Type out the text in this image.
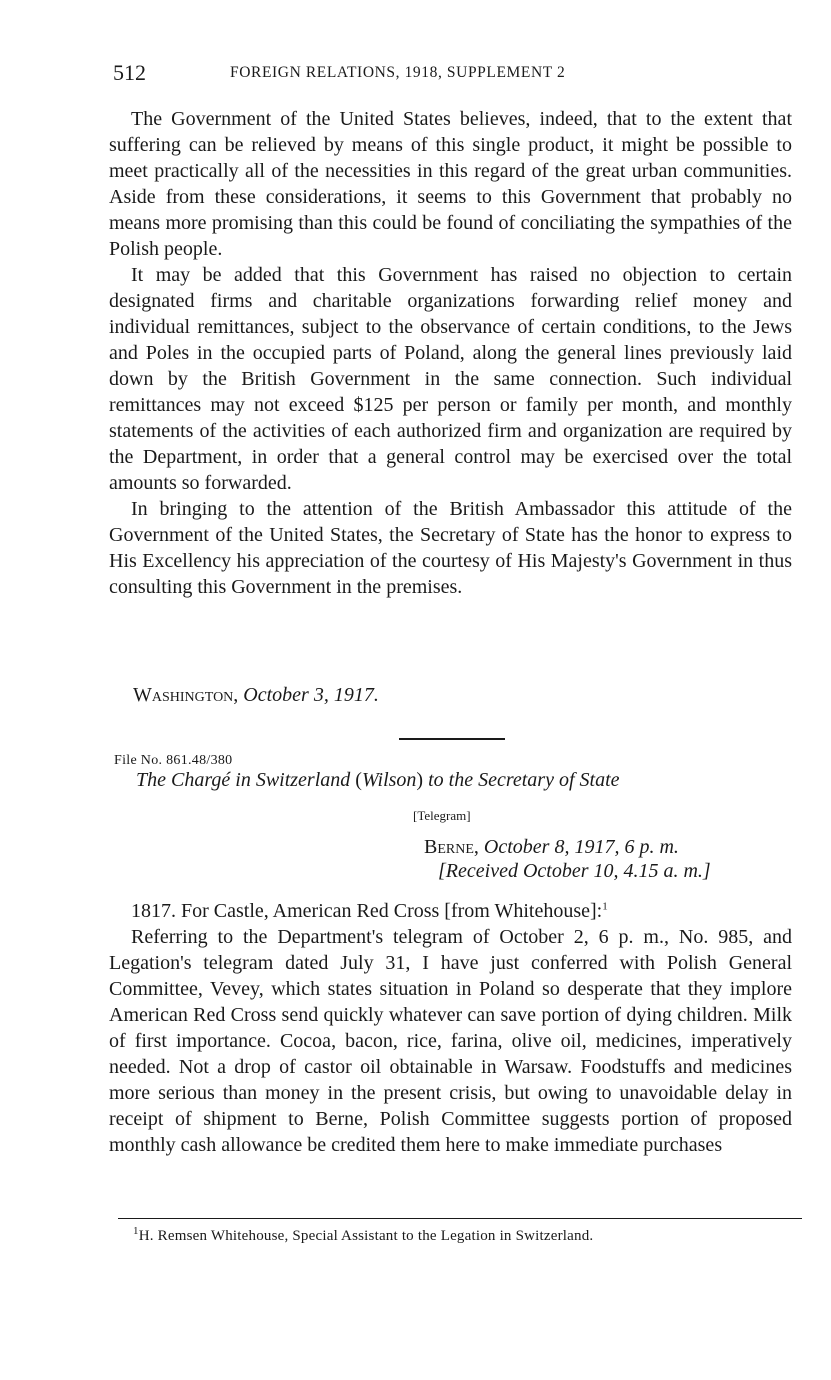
512	FOREIGN RELATIONS, 1918, SUPPLEMENT 2

The Government of the United States believes, indeed, that to the extent that suffering can be relieved by means of this single product, it might be possible to meet practically all of the necessities in this regard of the great urban communities. Aside from these considerations, it seems to this Government that probably no means more promising than this could be found of conciliating the sympathies of the Polish people.

It may be added that this Government has raised no objection to certain designated firms and charitable organizations forwarding relief money and individual remittances, subject to the observance of certain conditions, to the Jews and Poles in the occupied parts of Poland, along the general lines previously laid down by the British Government in the same connection. Such individual remittances may not exceed $125 per person or family per month, and monthly statements of the activities of each authorized firm and organization are required by the Department, in order that a general control may be exercised over the total amounts so forwarded.

In bringing to the attention of the British Ambassador this attitude of the Government of the United States, the Secretary of State has the honor to express to His Excellency his appreciation of the courtesy of His Majesty's Government in thus consulting this Government in the premises.

Washington, October 3, 1917.
File No. 861.48/380
The Chargé in Switzerland (Wilson) to the Secretary of State
[Telegram]
Berne, October 8, 1917, 6 p. m.
[Received October 10, 4.15 a. m.]

1817. For Castle, American Red Cross [from Whitehouse]:$^1$

Referring to the Department's telegram of October 2, 6 p. m., No. 985, and Legation's telegram dated July 31, I have just conferred with Polish General Committee, Vevey, which states situation in Poland so desperate that they implore American Red Cross send quickly whatever can save portion of dying children. Milk of first importance. Cocoa, bacon, rice, farina, olive oil, medicines, imperatively needed. Not a drop of castor oil obtainable in Warsaw. Foodstuffs and medicines more serious than money in the present crisis, but owing to unavoidable delay in receipt of shipment to Berne, Polish Committee suggests portion of proposed monthly cash allowance be credited them here to make immediate purchases

$^1$H. Remsen Whitehouse, Special Assistant to the Legation in Switzerland.
